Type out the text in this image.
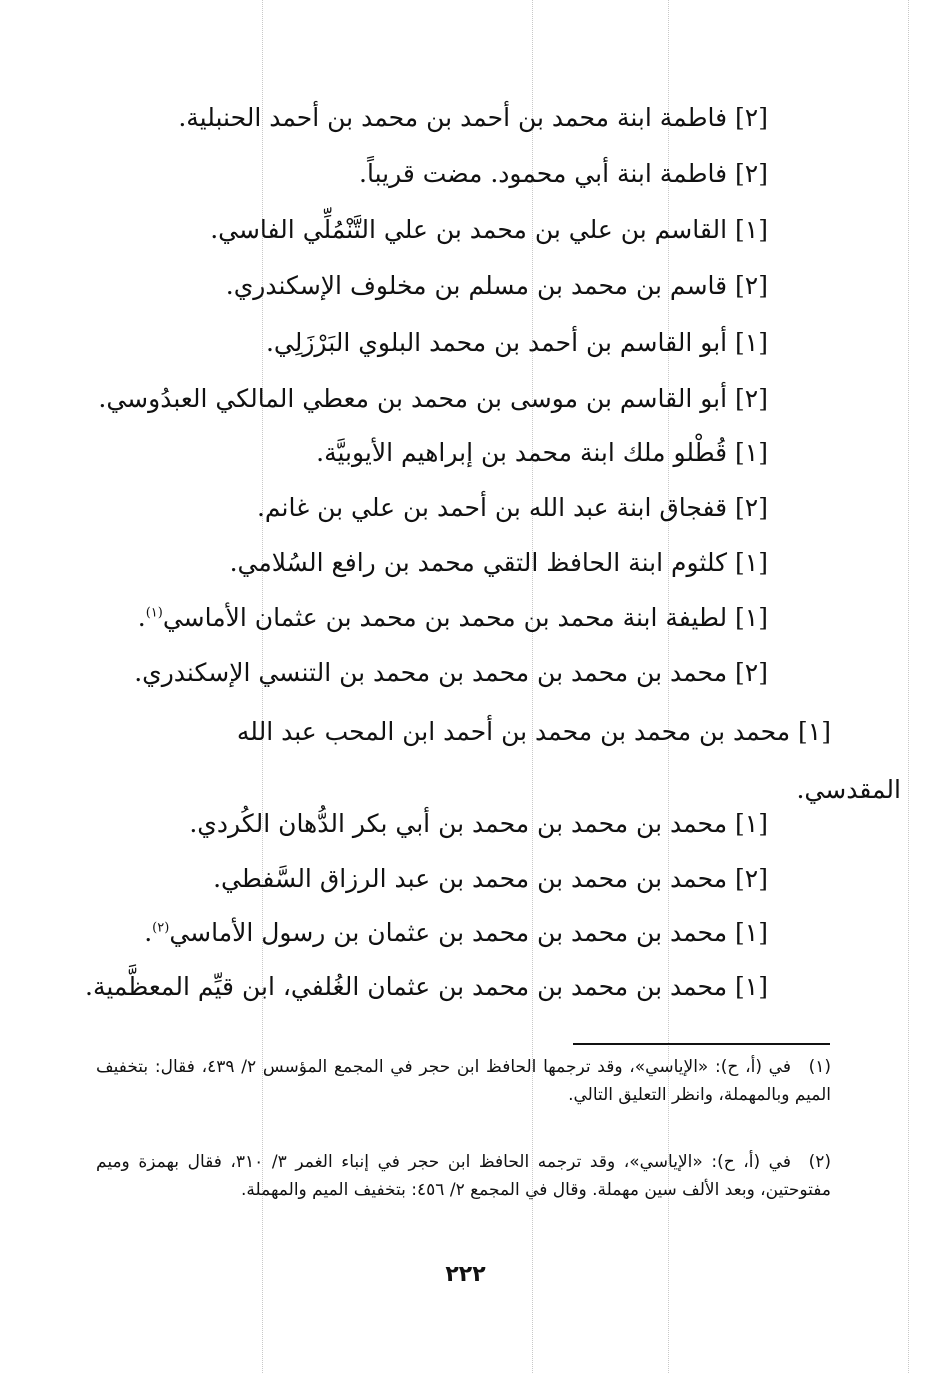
[٢] فاطمة ابنة محمد بن أحمد بن محمد بن أحمد الحنبلية.
[٢] فاطمة ابنة أبي محمود. مضت قريباً.
[١] القاسم بن علي بن محمد بن علي التَّنْمُلِّي الفاسي.
[٢] قاسم بن محمد بن مسلم بن مخلوف الإسكندري.
[١] أبو القاسم بن أحمد بن محمد البلوي البَرْزَلِي.
[٢] أبو القاسم بن موسى بن محمد بن معطي المالكي العبدُوسي.
[١] قُطْلو ملك ابنة محمد بن إبراهيم الأيوبيَّة.
[٢] قفجاق ابنة عبد الله بن أحمد بن علي بن غانم.
[١] كلثوم ابنة الحافظ التقي محمد بن رافع السُلامي.
[١] لطيفة ابنة محمد بن محمد بن محمد بن عثمان الأماسي$^{(١)}$.
[٢] محمد بن محمد بن محمد بن محمد بن التنسي الإسكندري.
[١] محمد بن محمد بن محمد بن أحمد ابن المحب عبد الله
المقدسي.
[١] محمد بن محمد بن محمد بن أبي بكر الدُّهان الكُردي.
[٢] محمد بن محمد بن محمد بن عبد الرزاق السَّفطي.
[١] محمد بن محمد بن محمد بن عثمان بن رسول الأماسي$^{(٢)}$.
[١] محمد بن محمد بن محمد بن عثمان الغُلفي، ابن قيِّم المعظَّمية.
(١)في (أ، ح): «الإياسي»، وقد ترجمها الحافظ ابن حجر في المجمع المؤسس ٢/ ٤٣٩، فقال: بتخفيف الميم وبالمهملة، وانظر التعليق التالي.
(٢)في (أ، ح): «الإياسي»، وقد ترجمه الحافظ ابن حجر في إنباء الغمر ٣/ ٣١٠، فقال بهمزة وميم مفتوحتين، وبعد الألف سين مهملة. وقال في المجمع ٢/ ٤٥٦: بتخفيف الميم والمهملة.
٢٢٢
